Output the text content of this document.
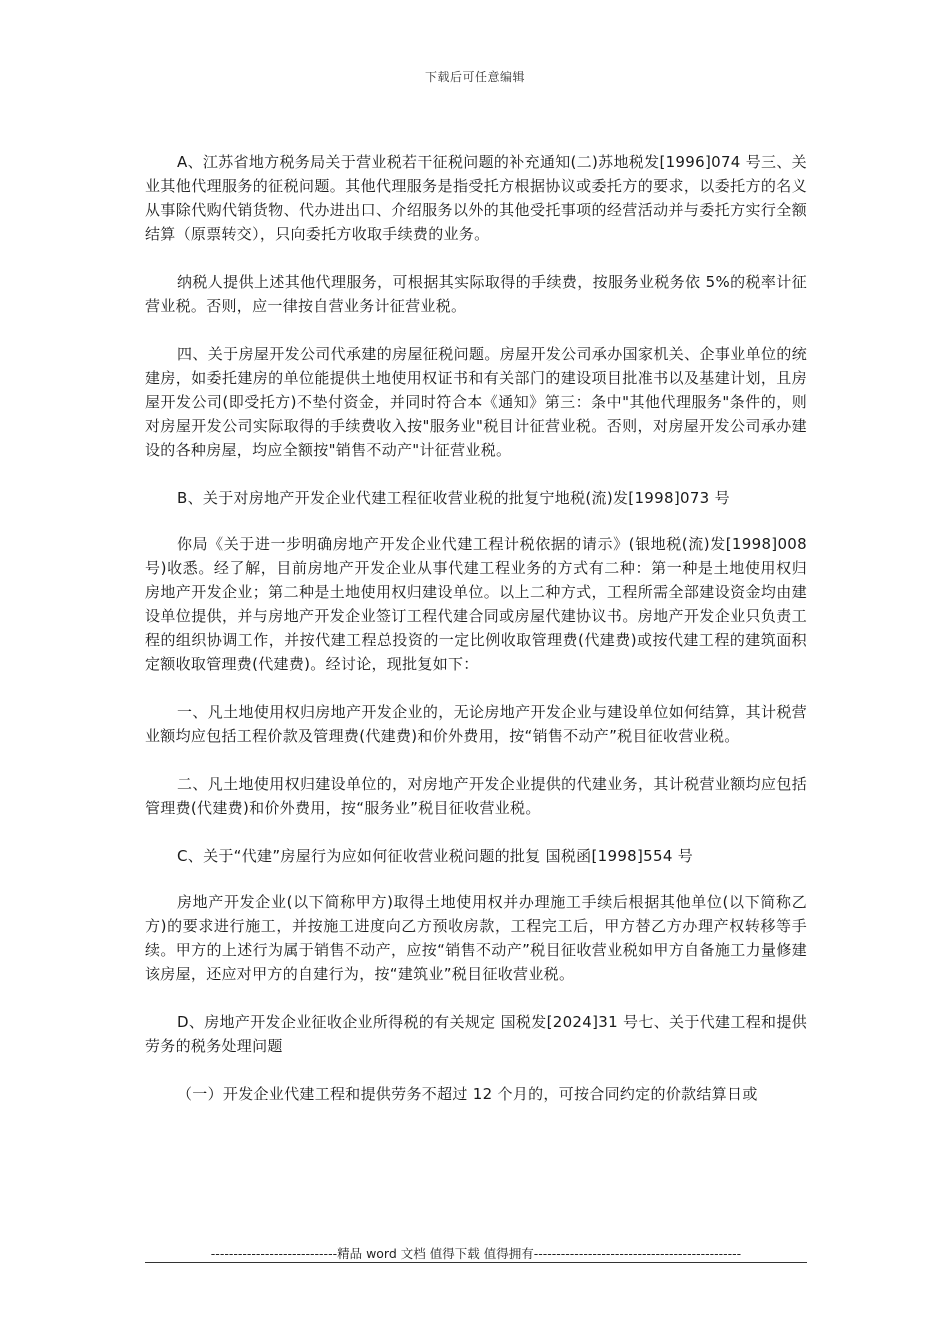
下载后可任意编辑

A、江苏省地方税务局关于营业税若干征税问题的补充通知(二)苏地税发[1996]074 号三、关业其他代理服务的征税问题。其他代理服务是指受托方根据协议或委托方的要求，以委托方的名义从事除代购代销货物、代办进出口、介绍服务以外的其他受托事项的经营活动并与委托方实行全额结算（原票转交），只向委托方收取手续费的业务。

纳税人提供上述其他代理服务，可根据其实际取得的手续费，按服务业税务依 5%的税率计征营业税。否则，应一律按自营业务计征营业税。

四、关于房屋开发公司代承建的房屋征税问题。房屋开发公司承办国家机关、企事业单位的统建房，如委托建房的单位能提供土地使用权证书和有关部门的建设项目批准书以及基建计划，且房屋开发公司(即受托方)不垫付资金，并同时符合本《通知》第三：条中"其他代理服务"条件的，则对房屋开发公司实际取得的手续费收入按"服务业"税目计征营业税。否则，对房屋开发公司承办建设的各种房屋，均应全额按"销售不动产"计征营业税。

B、关于对房地产开发企业代建工程征收营业税的批复宁地税(流)发[1998]073 号

你局《关于进一步明确房地产开发企业代建工程计税依据的请示》(银地税(流)发[1998]008 号)收悉。经了解，目前房地产开发企业从事代建工程业务的方式有二种：第一种是土地使用权归房地产开发企业；第二种是土地使用权归建设单位。以上二种方式，工程所需全部建设资金均由建设单位提供，并与房地产开发企业签订工程代建合同或房屋代建协议书。房地产开发企业只负责工程的组织协调工作，并按代建工程总投资的一定比例收取管理费(代建费)或按代建工程的建筑面积定额收取管理费(代建费)。经讨论，现批复如下：

一、凡土地使用权归房地产开发企业的，无论房地产开发企业与建设单位如何结算，其计税营业额均应包括工程价款及管理费(代建费)和价外费用，按“销售不动产”税目征收营业税。

二、凡土地使用权归建设单位的，对房地产开发企业提供的代建业务，其计税营业额均应包括管理费(代建费)和价外费用，按“服务业”税目征收营业税。

C、关于“代建”房屋行为应如何征收营业税问题的批复 国税函[1998]554 号

房地产开发企业(以下简称甲方)取得土地使用权并办理施工手续后根据其他单位(以下简称乙方)的要求进行施工，并按施工进度向乙方预收房款，工程完工后，甲方替乙方办理产权转移等手续。甲方的上述行为属于销售不动产，应按“销售不动产”税目征收营业税如甲方自备施工力量修建该房屋，还应对甲方的自建行为，按“建筑业”税目征收营业税。

D、房地产开发企业征收企业所得税的有关规定 国税发[2024]31 号七、关于代建工程和提供劳务的税务处理问题

（一）开发企业代建工程和提供劳务不超过 12 个月的，可按合同约定的价款结算日或

----------------------------精品 word 文档 值得下载 值得拥有----------------------------------------------
